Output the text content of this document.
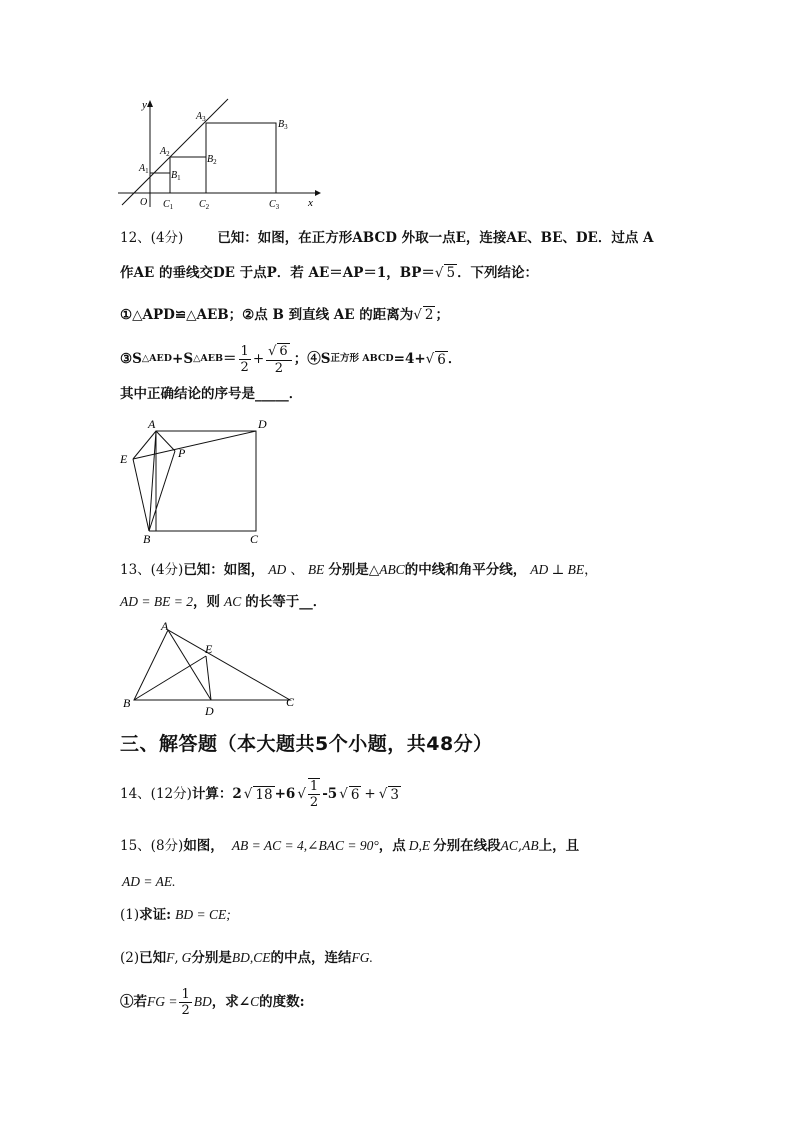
y
x
O
$A_1$
$A_2$
$A_3$
$B_1$
$B_2$
$B_3$
$C_1$	$C_2$	$C_3$
12、(4分)	已知：如图，在正方形ABCD 外取一点E，连接AE、BE、DE．过点 A
作AE 的垂线交DE 于点P．若 AE＝AP＝1，BP＝√ 5 ．下列结论：
①△APD≌△AEB；②点 B 到直线 AE 的距离为√ 2 ；
③S △AED +S △AEB ＝ $\frac{1}{2} + \frac{√ 6}{2}$ ；④S 正方形 ABCD =4+ √ 6 ．
其中正确结论的序号是_____．
A	D
E	P
B	C
13、(4分)已知：如图， AD 、 BE 分别是△ABC的中线和角平分线， AD ⊥ BE，
AD = BE = 2，则 AC 的长等于__．
A
E
B
D
C
三、解答题（本大题共5个小题，共48分）
14、(12分) 计算： 2 √ 18 +6 √ $\frac{1}{2} -5$ √ 6 + √ 3
15、(8分)如图， AB = AC = 4,∠BAC = 90°，点 D,E 分别在线段AC,AB上，且
AD = AE.
(1)求证: BD = CE;
(2)已知F, G分别是BD,CE的中点，连结FG.
①若 FG = $\frac{1}{2}$ BD ，求∠ C 的度数:
